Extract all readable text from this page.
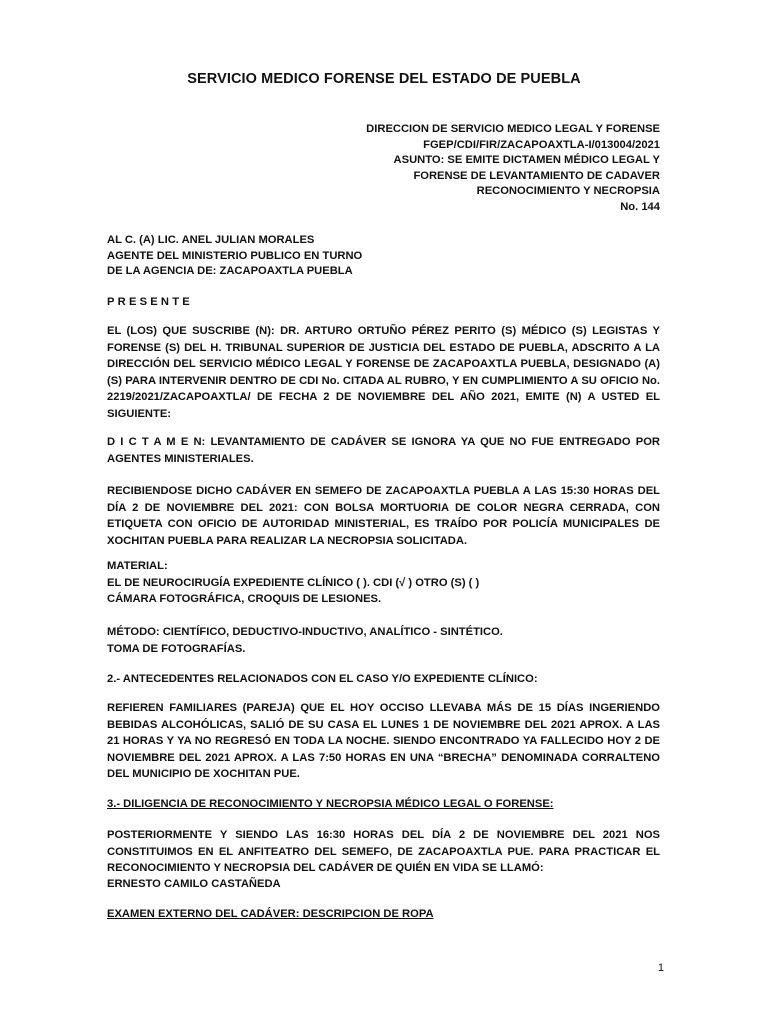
SERVICIO MEDICO FORENSE DEL ESTADO DE PUEBLA
DIRECCION DE SERVICIO MEDICO LEGAL Y FORENSE
FGEP/CDI/FIR/ZACAPOAXTLA-I/013004/2021
ASUNTO: SE EMITE DICTAMEN MÉDICO LEGAL Y
FORENSE DE LEVANTAMIENTO DE CADAVER
RECONOCIMIENTO Y NECROPSIA
No. 144
AL C. (A) LIC. ANEL JULIAN MORALES
AGENTE DEL MINISTERIO PUBLICO EN TURNO
DE LA AGENCIA DE: ZACAPOAXTLA PUEBLA
PRESENTE
EL (LOS) QUE SUSCRIBE (N): DR. ARTURO ORTUÑO PÉREZ PERITO (S) MÉDICO (S) LEGISTAS Y FORENSE (S) DEL H. TRIBUNAL SUPERIOR DE JUSTICIA DEL ESTADO DE PUEBLA, ADSCRITO A LA DIRECCIÓN DEL SERVICIO MÉDICO LEGAL Y FORENSE DE ZACAPOAXTLA PUEBLA, DESIGNADO (A) (S) PARA INTERVENIR DENTRO DE CDI No. CITADA AL RUBRO, Y EN CUMPLIMIENTO A SU OFICIO No. 2219/2021/ZACAPOAXTLA/ DE FECHA 2 DE NOVIEMBRE DEL AÑO 2021, EMITE (N) A USTED EL SIGUIENTE:
D I C T A M E N: LEVANTAMIENTO DE CADÁVER SE IGNORA YA QUE NO FUE ENTREGADO POR AGENTES MINISTERIALES.
RECIBIENDOSE DICHO CADÁVER EN SEMEFO DE ZACAPOAXTLA PUEBLA A LAS 15:30 HORAS DEL DÍA 2 DE NOVIEMBRE DEL 2021: CON BOLSA MORTUORIA DE COLOR NEGRA CERRADA, CON ETIQUETA CON OFICIO DE AUTORIDAD MINISTERIAL, ES TRAÍDO POR POLICÍA MUNICIPALES DE XOCHITAN PUEBLA PARA REALIZAR LA NECROPSIA SOLICITADA.
MATERIAL:
EL DE NEUROCIRUGÍA EXPEDIENTE CLÍNICO ( ). CDI (√ ) OTRO (S) ( )
CÁMARA FOTOGRÁFICA, CROQUIS DE LESIONES.
MÉTODO: CIENTÍFICO, DEDUCTIVO-INDUCTIVO, ANALÍTICO - SINTÉTICO.
TOMA DE FOTOGRAFÍAS.
2.- ANTECEDENTES RELACIONADOS CON EL CASO Y/O EXPEDIENTE CLÍNICO:
REFIEREN FAMILIARES (PAREJA) QUE EL HOY OCCISO LLEVABA MÁS DE 15 DÍAS INGERIENDO BEBIDAS ALCOHÓLICAS, SALIÓ DE SU CASA EL LUNES 1 DE NOVIEMBRE DEL 2021 APROX. A LAS 21 HORAS Y YA NO REGRESÓ EN TODA LA NOCHE. SIENDO ENCONTRADO YA FALLECIDO HOY 2 DE NOVIEMBRE DEL 2021 APROX. A LAS 7:50 HORAS EN UNA “BRECHA” DENOMINADA CORRALTENO DEL MUNICIPIO DE XOCHITAN PUE.
3.- DILIGENCIA DE RECONOCIMIENTO Y NECROPSIA MÉDICO LEGAL O FORENSE:
POSTERIORMENTE Y SIENDO LAS 16:30 HORAS DEL DÍA 2 DE NOVIEMBRE DEL 2021 NOS CONSTITUIMOS EN EL ANFITEATRO DEL SEMEFO, DE ZACAPOAXTLA PUE. PARA PRACTICAR EL RECONOCIMIENTO Y NECROPSIA DEL CADÁVER DE QUIÉN EN VIDA SE LLAMÓ:
ERNESTO CAMILO CASTAÑEDA
EXAMEN EXTERNO DEL CADÁVER: DESCRIPCION DE ROPA
1
